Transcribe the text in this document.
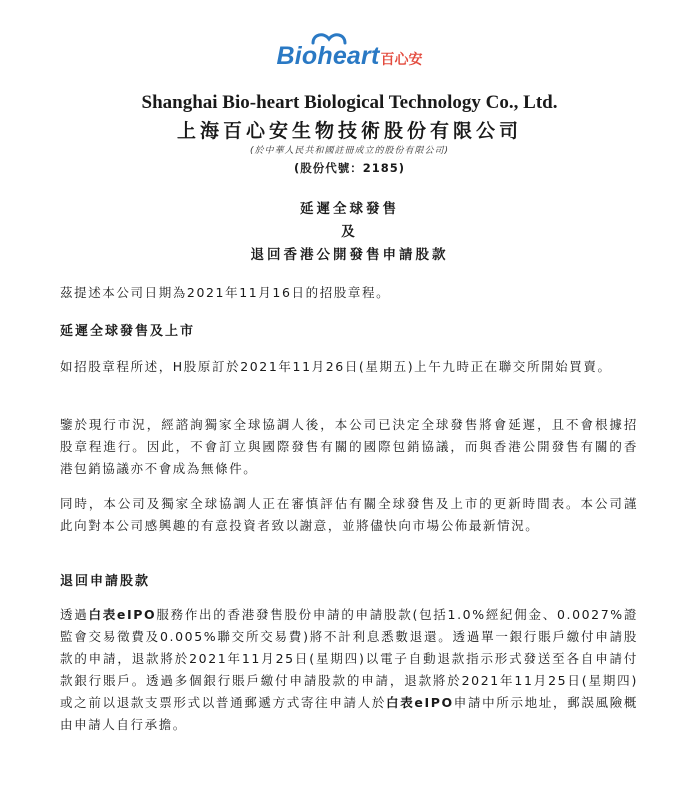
Bioheart 百心安
Shanghai Bio-heart Biological Technology Co., Ltd.
上海百心安生物技術股份有限公司
(於中華人民共和國註冊成立的股份有限公司)
(股份代號：2185)
延遲全球發售
及
退回香港公開發售申請股款
茲提述本公司日期為2021年11月16日的招股章程。
延遲全球發售及上市
如招股章程所述，H股原訂於2021年11月26日(星期五)上午九時正在聯交所開始買賣。
鑒於現行市況，經諮詢獨家全球協調人後，本公司已決定全球發售將會延遲，且不會根據招股章程進行。因此，不會訂立與國際發售有關的國際包銷協議，而與香港公開發售有關的香港包銷協議亦不會成為無條件。
同時，本公司及獨家全球協調人正在審慎評估有關全球發售及上市的更新時間表。本公司謹此向對本公司感興趣的有意投資者致以謝意，並將儘快向市場公佈最新情況。
退回申請股款
透過白表eIPO服務作出的香港發售股份申請的申請股款(包括1.0%經紀佣金、0.0027%證監會交易徵費及0.005%聯交所交易費)將不計利息悉數退還。透過單一銀行賬戶繳付申請股款的申請，退款將於2021年11月25日(星期四)以電子自動退款指示形式發送至各自申請付款銀行賬戶。透過多個銀行賬戶繳付申請股款的申請，退款將於2021年11月25日(星期四)或之前以退款支票形式以普通郵遞方式寄往申請人於白表eIPO申請中所示地址，郵誤風險概由申請人自行承擔。
